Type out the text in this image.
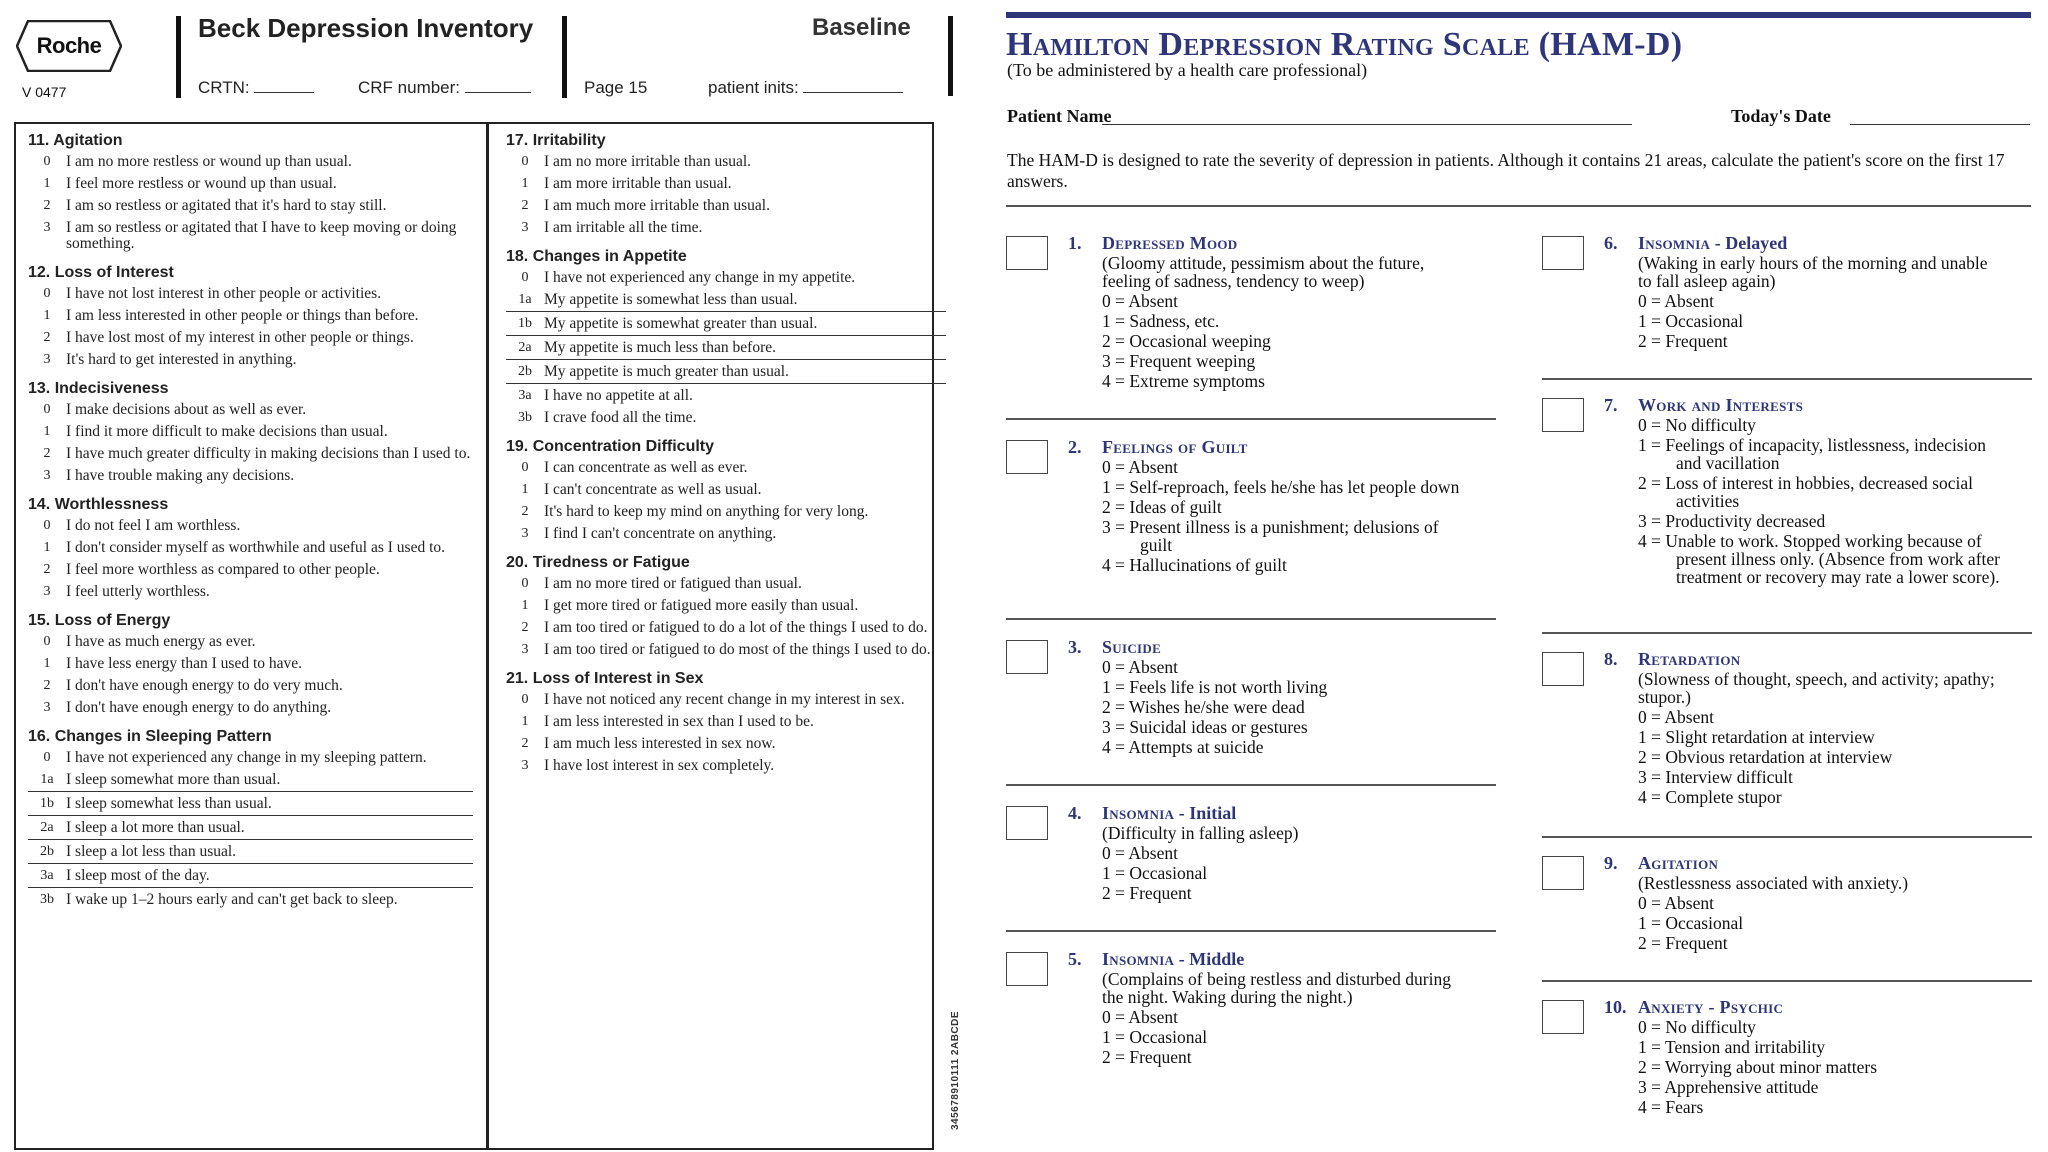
Roche
V 0477
Beck Depression Inventory
CRTN:	CRF number:	Page 15	patient inits:
Baseline
11. Agitation
0	I am no more restless or wound up than usual.
1	I feel more restless or wound up than usual.
2	I am so restless or agitated that it's hard to stay still.
3	I am so restless or agitated that I have to keep moving or doing something.
12. Loss of Interest
0	I have not lost interest in other people or activities.
1	I am less interested in other people or things than before.
2	I have lost most of my interest in other people or things.
3	It's hard to get interested in anything.
13. Indecisiveness
0	I make decisions about as well as ever.
1	I find it more difficult to make decisions than usual.
2	I have much greater difficulty in making decisions than I used to.
3	I have trouble making any decisions.
14. Worthlessness
0	I do not feel I am worthless.
1	I don't consider myself as worthwhile and useful as I used to.
2	I feel more worthless as compared to other people.
3	I feel utterly worthless.
15. Loss of Energy
0	I have as much energy as ever.
1	I have less energy than I used to have.
2	I don't have enough energy to do very much.
3	I don't have enough energy to do anything.
16. Changes in Sleeping Pattern
0	I have not experienced any change in my sleeping pattern.
1a I sleep somewhat more than usual.
1b I sleep somewhat less than usual.
2a I sleep a lot more than usual.
2b I sleep a lot less than usual.
3a I sleep most of the day.
3b I wake up 1–2 hours early and can't get back to sleep.
17. Irritability
0	I am no more irritable than usual.
1	I am more irritable than usual.
2	I am much more irritable than usual.
3	I am irritable all the time.
18. Changes in Appetite
0	I have not experienced any change in my appetite.
1a My appetite is somewhat less than usual.
1b My appetite is somewhat greater than usual.
2a My appetite is much less than before.
2b My appetite is much greater than usual.
3a I have no appetite at all.
3b I crave food all the time.
19. Concentration Difficulty
0	I can concentrate as well as ever.
1	I can't concentrate as well as usual.
2	It's hard to keep my mind on anything for very long.
3	I find I can't concentrate on anything.
20. Tiredness or Fatigue
0	I am no more tired or fatigued than usual.
1	I get more tired or fatigued more easily than usual.
2	I am too tired or fatigued to do a lot of the things I used to do.
3	I am too tired or fatigued to do most of the things I used to do.
21. Loss of Interest in Sex
0	I have not noticed any recent change in my interest in sex.
1	I am less interested in sex than I used to be.
2	I am much less interested in sex now.
3	I have lost interest in sex completely.
345678910111 2ABCDE
Hamilton Depression Rating Scale (HAM-D)
(To be administered by a health care professional)
Patient Name	Today's Date
The HAM-D is designed to rate the severity of depression in patients. Although it contains 21 areas, calculate the patient's score on the first 17 answers.
1.	Depressed Mood
(Gloomy attitude, pessimism about the future, feeling of sadness, tendency to weep)
0 = Absent
1 = Sadness, etc.
2 = Occasional weeping
3 = Frequent weeping
4 = Extreme symptoms
2.	Feelings of Guilt
0 = Absent
1 = Self-reproach, feels he/she has let people down
2 = Ideas of guilt
3 = Present illness is a punishment; delusions of guilt
4 = Hallucinations of guilt
3.	Suicide
0 = Absent
1 = Feels life is not worth living
2 = Wishes he/she were dead
3 = Suicidal ideas or gestures
4 = Attempts at suicide
4.	Insomnia - Initial
(Difficulty in falling asleep)
0 = Absent
1 = Occasional
2 = Frequent
5.	Insomnia - Middle
(Complains of being restless and disturbed during the night. Waking during the night.)
0 = Absent
1 = Occasional
2 = Frequent
6.	Insomnia - Delayed
(Waking in early hours of the morning and unable to fall asleep again)
0 = Absent
1 = Occasional
2 = Frequent
7.	Work and Interests
0 = No difficulty
1 = Feelings of incapacity, listlessness, indecision and vacillation
2 = Loss of interest in hobbies, decreased social activities
3 = Productivity decreased
4 = Unable to work. Stopped working because of present illness only. (Absence from work after treatment or recovery may rate a lower score).
8.	Retardation
(Slowness of thought, speech, and activity; apathy; stupor.)
0 = Absent
1 = Slight retardation at interview
2 = Obvious retardation at interview
3 = Interview difficult
4 = Complete stupor
9.	Agitation
(Restlessness associated with anxiety.)
0 = Absent
1 = Occasional
2 = Frequent
10. Anxiety - Psychic
0 = No difficulty
1 = Tension and irritability
2 = Worrying about minor matters
3 = Apprehensive attitude
4 = Fears
